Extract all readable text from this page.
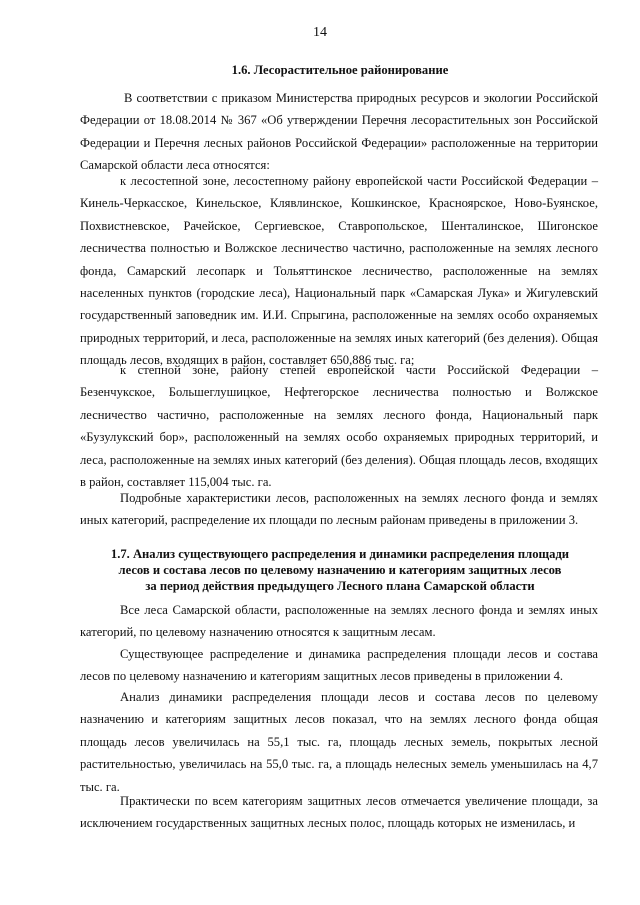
14
1.6. Лесорастительное районирование
В соответствии с приказом Министерства природных ресурсов и экологии Российской Федерации от 18.08.2014 № 367 «Об утверждении Перечня лесорастительных зон Российской Федерации и Перечня лесных районов Российской Федерации» расположенные на территории Самарской области леса относятся:
к лесостепной зоне, лесостепному району европейской части Российской Федерации – Кинель-Черкасское, Кинельское, Клявлинское, Кошкинское, Красноярское, Ново-Буянское, Похвистневское, Рачейское, Сергиевское, Ставропольское, Шенталинское, Шигонское лесничества полностью и Волжское лесничество частично, расположенные на землях лесного фонда, Самарский лесопарк и Тольяттинское лесничество, расположенные на землях населенных пунктов (городские леса), Национальный парк «Самарская Лука» и Жигулевский государственный заповедник им. И.И. Спрыгина, расположенные на землях особо охраняемых природных территорий, и леса, расположенные на землях иных категорий (без деления). Общая площадь лесов, входящих в район, составляет 650,886 тыс. га;
к степной зоне, району степей европейской части Российской Федерации – Безенчукское, Большеглушицкое, Нефтегорское лесничества полностью и Волжское лесничество частично, расположенные на землях лесного фонда, Национальный парк «Бузулукский бор», расположенный на землях особо охраняемых природных территорий, и леса, расположенные на землях иных категорий (без деления). Общая площадь лесов, входящих в район, составляет 115,004 тыс. га.
Подробные характеристики лесов, расположенных на землях лесного фонда и землях иных категорий, распределение их площади по лесным районам приведены в приложении 3.
1.7. Анализ существующего распределения и динамики распределения площади
лесов и состава лесов по целевому назначению и категориям защитных лесов
за период действия предыдущего Лесного плана Самарской области
Все леса Самарской области, расположенные на землях лесного фонда и землях иных категорий, по целевому назначению относятся к защитным лесам.
Существующее распределение и динамика распределения площади лесов и состава лесов по целевому назначению и категориям защитных лесов приведены в приложении 4.
Анализ динамики распределения площади лесов и состава лесов по целевому назначению и категориям защитных лесов показал, что на землях лесного фонда общая площадь лесов увеличилась на 55,1 тыс. га, площадь лесных земель, покрытых лесной растительностью, увеличилась на 55,0 тыс. га, а площадь нелесных земель уменьшилась на 4,7 тыс. га.
Практически по всем категориям защитных лесов отмечается увеличение площади, за исключением государственных защитных лесных полос, площадь которых не изменилась, и
